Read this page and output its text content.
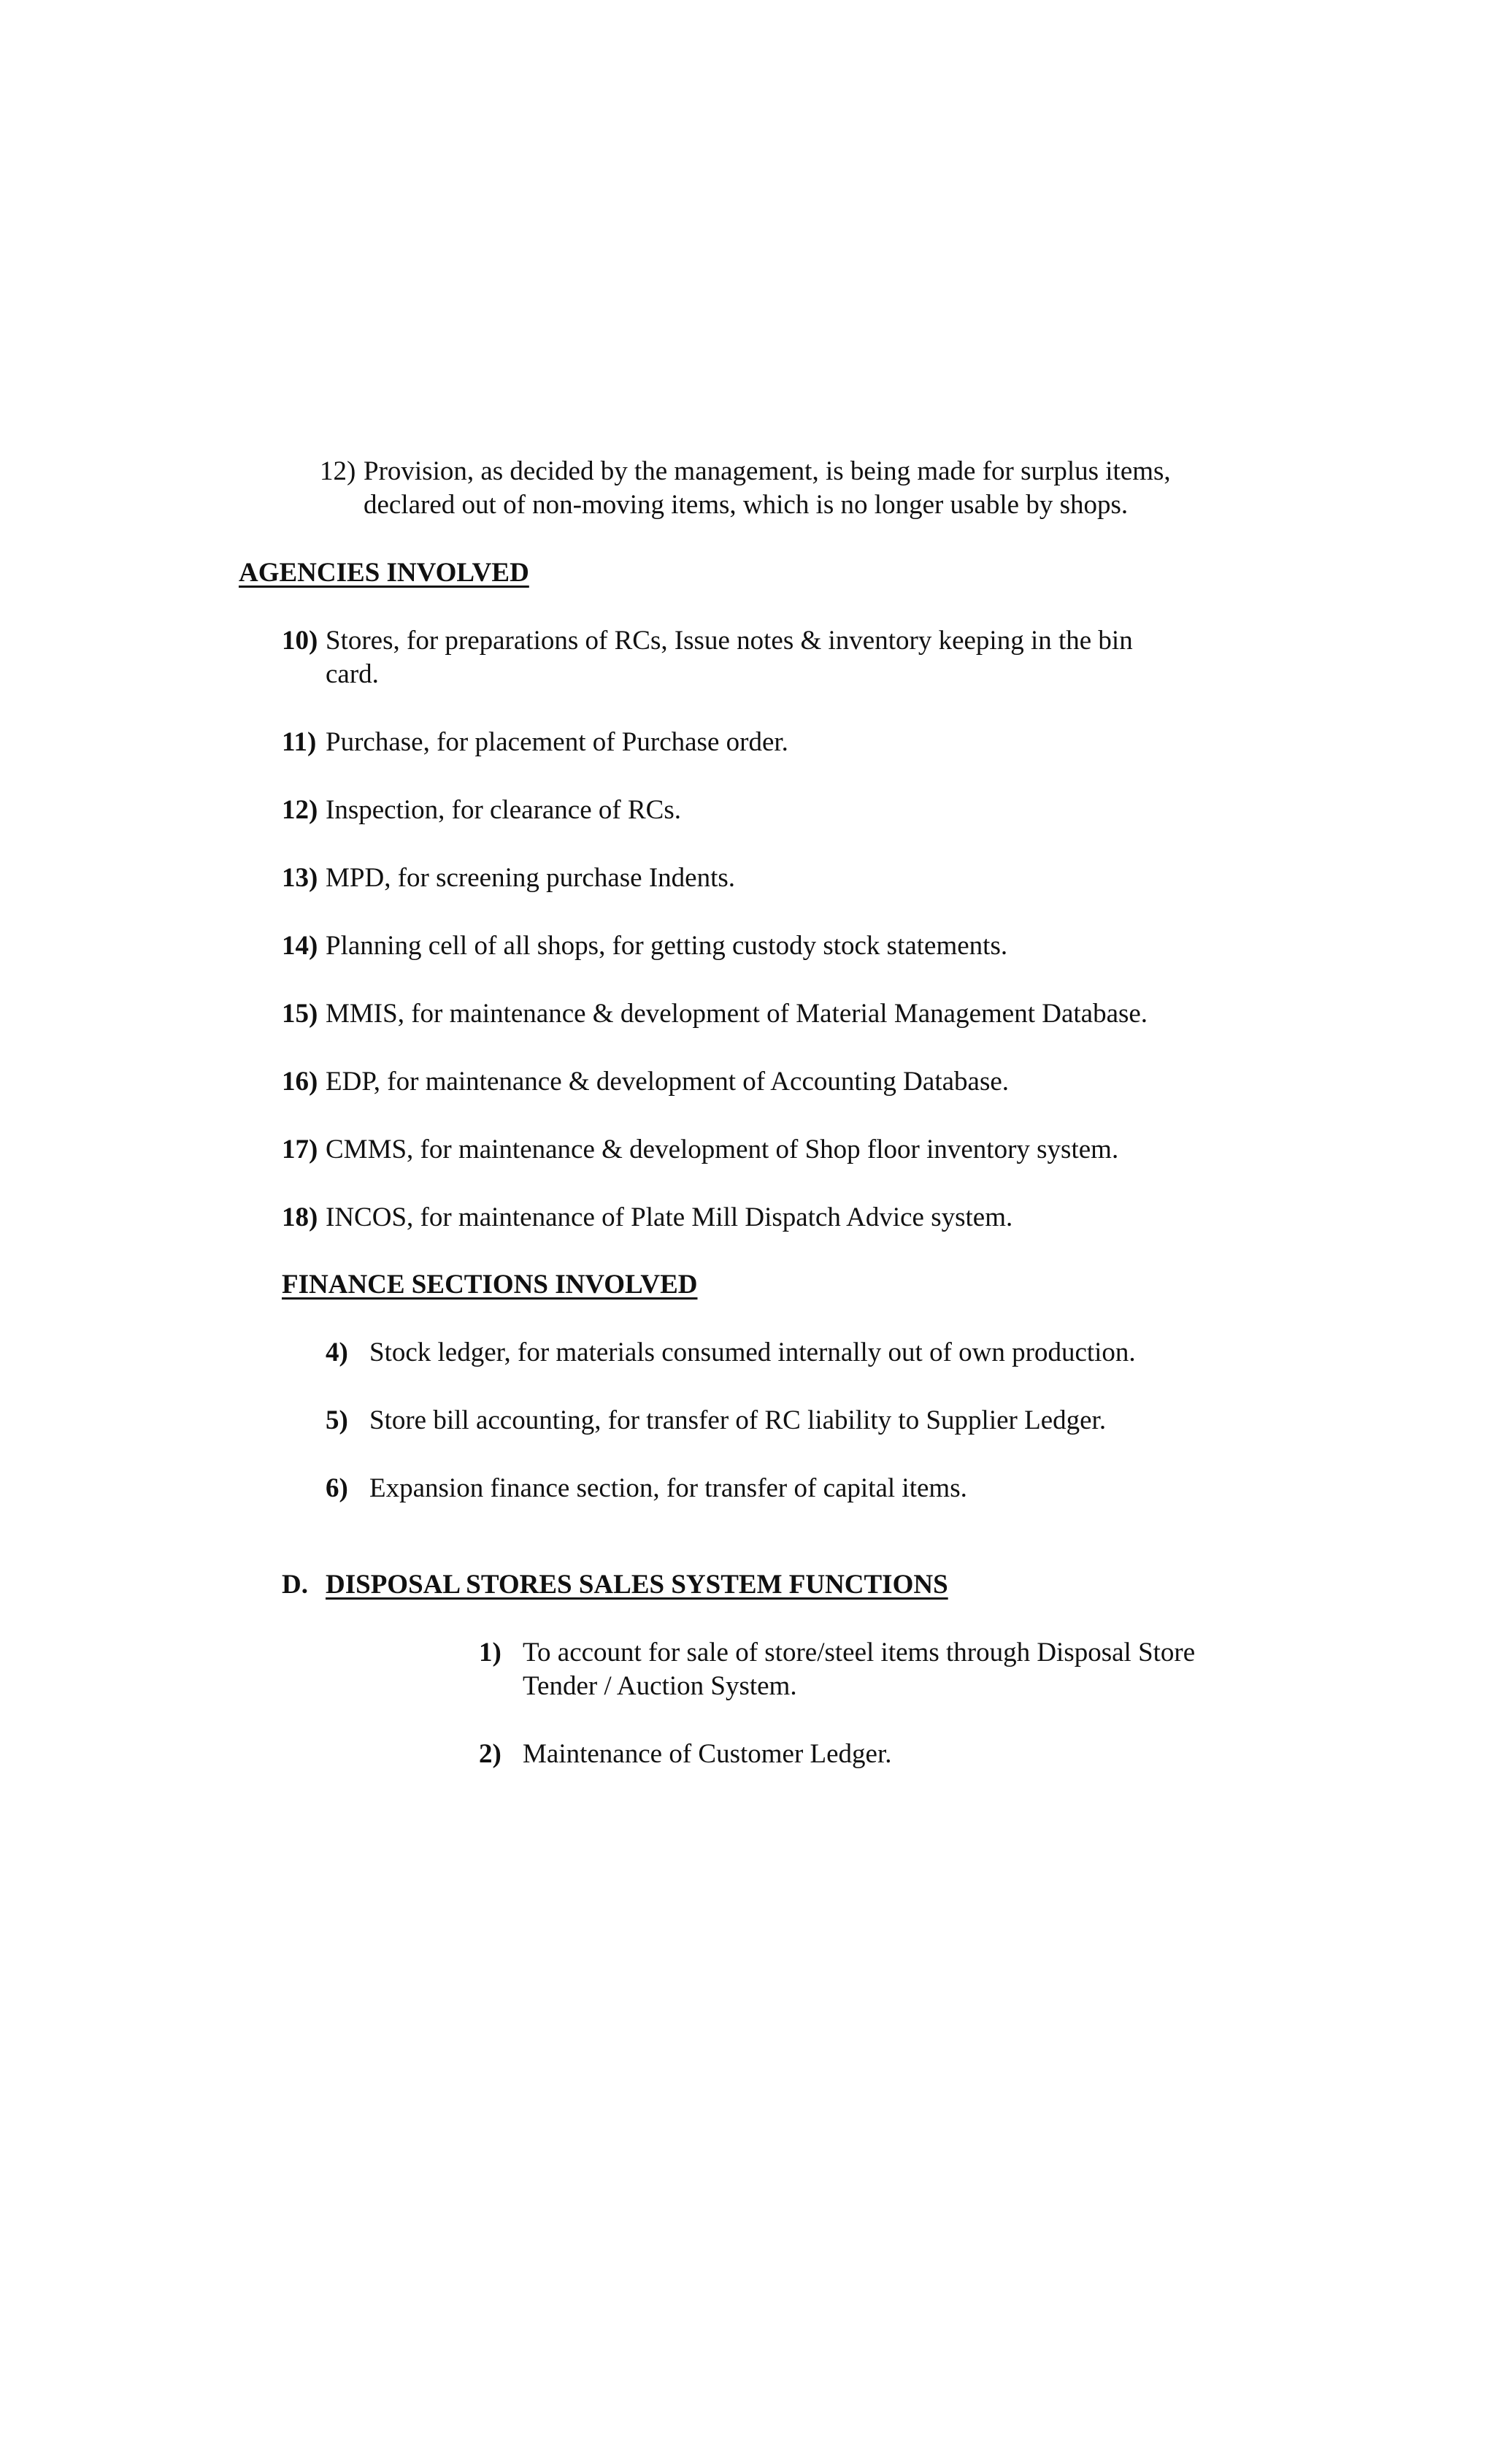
12) Provision, as decided by the management, is being made for surplus items,
declared out of non-moving items, which is no longer usable by shops.
AGENCIES INVOLVED
10) Stores, for preparations of RCs, Issue notes & inventory keeping in the bin
card.
11) Purchase, for placement of Purchase order.
12) Inspection, for clearance of RCs.
13) MPD, for screening purchase Indents.
14) Planning cell of all shops, for getting custody stock statements.
15) MMIS, for maintenance & development of Material Management Database.
16) EDP, for maintenance & development of Accounting Database.
17) CMMS, for maintenance & development of Shop floor inventory system.
18) INCOS, for maintenance of Plate Mill Dispatch Advice system.
FINANCE SECTIONS INVOLVED
4) Stock ledger, for materials consumed internally out of own production.
5) Store bill accounting, for transfer of RC liability to Supplier Ledger.
6) Expansion finance section, for transfer of capital items.
D. DISPOSAL STORES SALES SYSTEM FUNCTIONS
1) To account for sale of store/steel items through Disposal Store
Tender / Auction System.
2) Maintenance of Customer Ledger.
